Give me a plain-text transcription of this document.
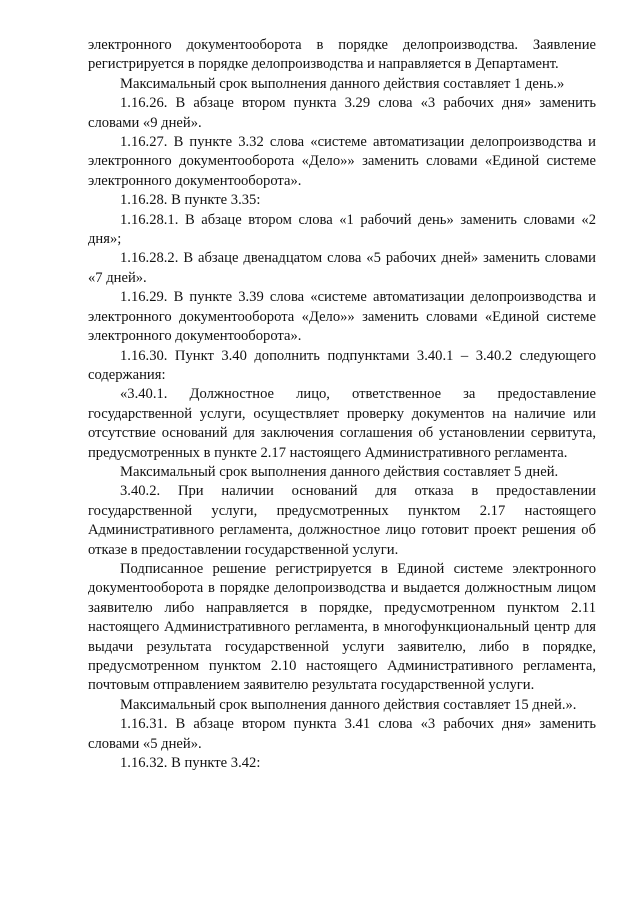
электронного документооборота в порядке делопроизводства. Заявление регистрируется в порядке делопроизводства и направляется в Департамент.

Максимальный срок выполнения данного действия составляет 1 день.»

1.16.26. В абзаце втором пункта 3.29 слова «3 рабочих дня» заменить словами «9 дней».

1.16.27. В пункте 3.32 слова «системе автоматизации делопроизводства и электронного документооборота «Дело»» заменить словами «Единой системе электронного документооборота».

1.16.28. В пункте 3.35:

1.16.28.1. В абзаце втором слова «1 рабочий день» заменить словами «2 дня»;

1.16.28.2. В абзаце двенадцатом слова «5 рабочих дней» заменить словами «7 дней».

1.16.29. В пункте 3.39 слова «системе автоматизации делопроизводства и электронного документооборота «Дело»» заменить словами «Единой системе электронного документооборота».

1.16.30. Пункт 3.40 дополнить подпунктами 3.40.1 – 3.40.2 следующего содержания:

«3.40.1. Должностное лицо, ответственное за предоставление государственной услуги, осуществляет проверку документов на наличие или отсутствие оснований для заключения соглашения об установлении сервитута, предусмотренных в пункте 2.17 настоящего Административного регламента.

Максимальный срок выполнения данного действия составляет 5 дней.

3.40.2. При наличии оснований для отказа в предоставлении государственной услуги, предусмотренных пунктом 2.17 настоящего Административного регламента, должностное лицо готовит проект решения об отказе в предоставлении государственной услуги.

Подписанное решение регистрируется в Единой системе электронного документооборота в порядке делопроизводства и выдается должностным лицом заявителю либо направляется в порядке, предусмотренном пунктом 2.11 настоящего Административного регламента, в многофункциональный центр для выдачи результата государственной услуги заявителю, либо в порядке, предусмотренном пунктом 2.10 настоящего Административного регламента, почтовым отправлением заявителю результата государственной услуги.

Максимальный срок выполнения данного действия составляет 15 дней.».

1.16.31. В абзаце втором пункта 3.41 слова «3 рабочих дня» заменить словами «5 дней».

1.16.32. В пункте 3.42:
